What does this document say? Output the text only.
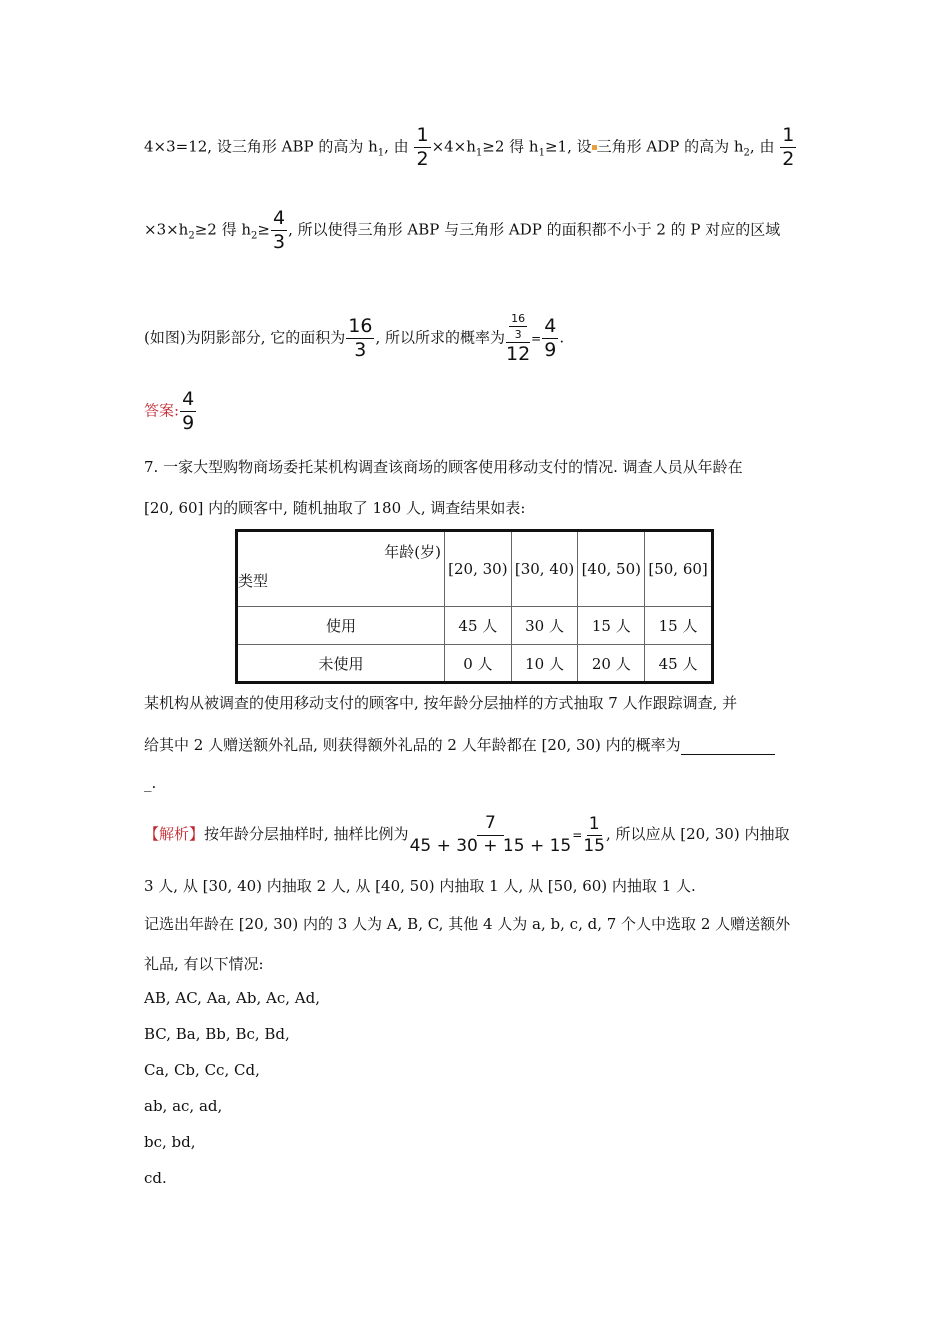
4×3=12, 设三角形 ABP 的高为 $h_1$, 由 $\frac{1}{2} \times 4\times h_1\ge 2$ 得 $h_1\ge 1$, 设 三角形 ADP 的高为 $h_2$, 由 $\frac{1}{2}$
$\times 3\times h_2\ge 2$ 得 $h_2\ge \frac{4}{3}$ , 所以使得三角形 ABP 与三角形 ADP 的面积都不小于 2 的 P 对应的区域
(如图)为阴影部分, 它的面积为 $\frac{16}{3}$ , 所以所求的概率为 $\frac{\frac{16}{3}}{12} = \frac{4}{9}$ .
答案: $\frac{4}{9}$
7. 一家大型购物商场委托某机构调查该商场的顾客使用移动支付的情况. 调查人员从年龄在
[20, 60] 内的顾客中, 随机抽取了 180 人, 调查结果如表:
年龄(岁)
类型	[20, 30)	[30, 40)	[40, 50)	[50, 60]
使用	45 人	30 人	15 人	15 人
未使用	0 人	10 人	20 人	45 人
某机构从被调查的使用移动支付的顾客中, 按年龄分层抽样的方式抽取 7 人作跟踪调查, 并
给其中 2 人赠送额外礼品, 则获得额外礼品的 2 人年龄都在 [20, 30) 内的概率为
_.
【解析】按年龄分层抽样时, 抽样比例为 $\frac{7}{45 + 30 + 15 + 15} = \frac{1}{15}$ , 所以应从 [20, 30) 内抽取
3 人, 从 [30, 40) 内抽取 2 人, 从 [40, 50) 内抽取 1 人, 从 [50, 60) 内抽取 1 人.
记选出年龄在 [20, 30) 内的 3 人为 A, B, C, 其他 4 人为 a, b, c, d, 7 个人中选取 2 人赠送额外
礼品, 有以下情况:
AB, AC, Aa, Ab, Ac, Ad,
BC, Ba, Bb, Bc, Bd,
Ca, Cb, Cc, Cd,
ab, ac, ad,
bc, bd,
cd.
